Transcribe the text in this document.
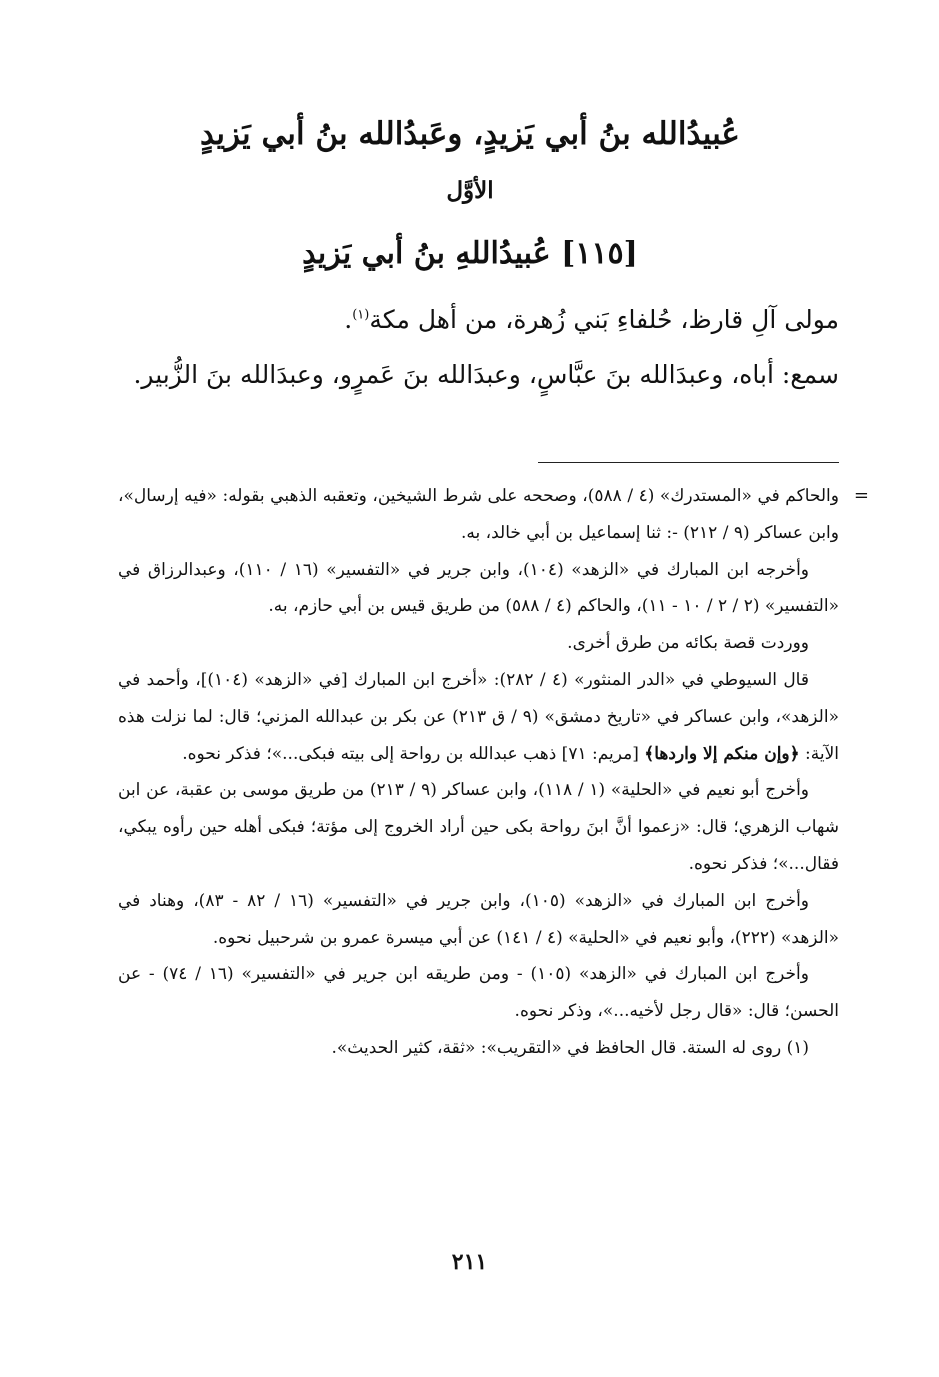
عُبيدُالله بنُ أبي يَزيدٍ، وعَبدُالله بنُ أبي يَزيدٍ
الأوَّل
[١١٥] عُبيدُاللهِ بنُ أبي يَزيدٍ

مولى آلِ قارظ، حُلفاءِ بَني زُهرة، من أهل مكة$^{(١)}$.

سمع: أباه، وعبدَالله بنَ عبَّاسٍ، وعبدَالله بنَ عَمرٍو، وعبدَالله بنَ الزُّبير.

=
والحاكم في «المستدرك» (٤ / ٥٨٨)، وصححه على شرط الشيخين، وتعقبه الذهبي بقوله: «فيه إرسال»، وابن عساكر (٩ / ٢١٢) -: ثنا إسماعيل بن أبي خالد، به.

وأخرجه ابن المبارك في «الزهد» (١٠٤)، وابن جرير في «التفسير» (١٦ / ١١٠)، وعبدالرزاق في «التفسير» (٢ / ٢ / ١٠ - ١١)، والحاكم (٤ / ٥٨٨) من طريق قيس بن أبي حازم، به.

ووردت قصة بكائه من طرق أخرى.

قال السيوطي في «الدر المنثور» (٤ / ٢٨٢): «أخرج ابن المبارك [في «الزهد» (١٠٤)]، وأحمد في «الزهد»، وابن عساكر في «تاريخ دمشق» (٩ / ق ٢١٣) عن بكر بن عبدالله المزني؛ قال: لما نزلت هذه الآية: ﴿وإن منكم إلا واردها﴾ [مريم: ٧١] ذهب عبدالله بن رواحة إلى بيته فبكى...»؛ فذكر نحوه.

وأخرج أبو نعيم في «الحلية» (١ / ١١٨)، وابن عساكر (٩ / ٢١٣) من طريق موسى بن عقبة، عن ابن شهاب الزهري؛ قال: «زعموا أنَّ ابنَ رواحة بكى حين أراد الخروج إلى مؤتة؛ فبكى أهله حين رأوه يبكي، فقال...»؛ فذكر نحوه.

وأخرج ابن المبارك في «الزهد» (١٠٥)، وابن جرير في «التفسير» (١٦ / ٨٢ - ٨٣)، وهناد في «الزهد» (٢٢٢)، وأبو نعيم في «الحلية» (٤ / ١٤١) عن أبي ميسرة عمرو بن شرحبيل نحوه.

وأخرج ابن المبارك في «الزهد» (١٠٥) - ومن طريقه ابن جرير في «التفسير» (١٦ / ٧٤) - عن الحسن؛ قال: «قال رجل لأخيه...»، وذكر نحوه.

(١) روى له الستة. قال الحافظ في «التقريب»: «ثقة، كثير الحديث».

٢١١
